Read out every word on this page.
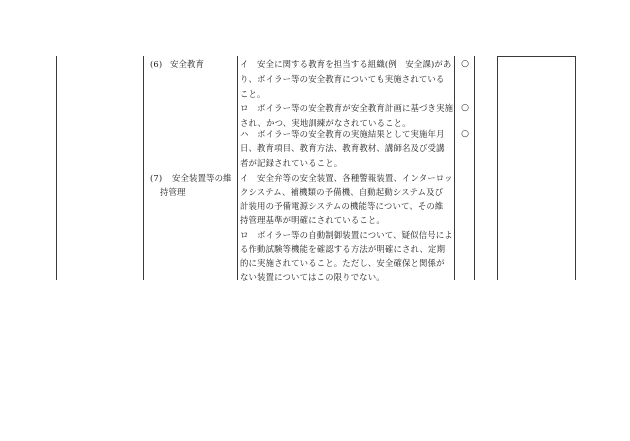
(6) 安全教育	イ　安全に関する教育を担当する組織(例　安全課)があ
り、ボイラー等の安全教育についても実施されている
こと。
○
ロ　ボイラー等の安全教育が安全教育計画に基づき実施
され、かつ、実地訓練がなされていること。
○
ハ　ボイラー等の安全教育の実施結果として実施年月
日、教育項目、教育方法、教育教材、講師名及び受講
者が記録されていること。
○
(7) 安全装置等の維
持管理
イ　安全弁等の安全装置、各種警報装置、インターロッ
クシステム、補機類の予備機、自動起動システム及び
計装用の予備電源システムの機能等について、その維
持管理基準が明確にされていること。
ロ　ボイラー等の自動制御装置について、疑似信号によ
る作動試験等機能を確認する方法が明確にされ、定期
的に実施されていること。ただし、安全確保と関係が
ない装置についてはこの限りでない。
